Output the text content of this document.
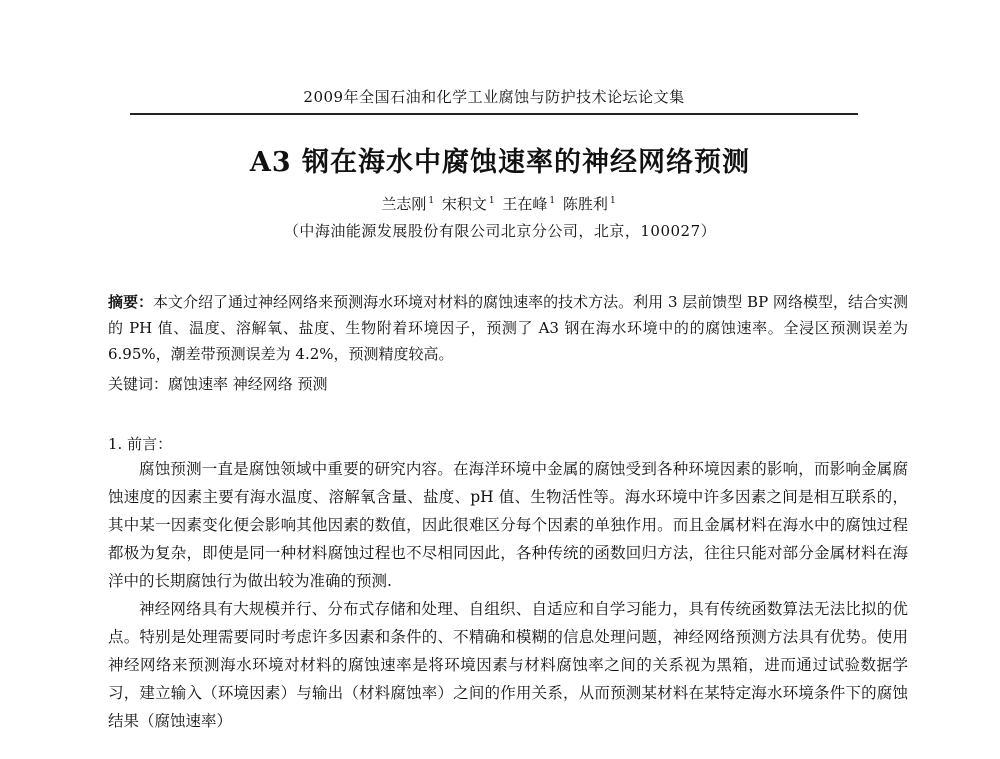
2009年全国石油和化学工业腐蚀与防护技术论坛论文集
A3 钢在海水中腐蚀速率的神经网络预测
兰志刚 $^1$ 宋积文 $^1$ 王在峰 $^1$ 陈胜利 $^1$
（中海油能源发展股份有限公司北京分公司，北京，100027）
摘要：本文介绍了通过神经网络来预测海水环境对材料的腐蚀速率的技术方法。利用 3 层前馈型 BP 网络模型，结合实测的 PH 值、温度、溶解氧、盐度、生物附着环境因子，预测了 A3 钢在海水环境中的的腐蚀速率。全浸区预测误差为 6.95%，潮差带预测误差为 4.2%，预测精度较高。
关键词：腐蚀速率 神经网络 预测
1. 前言：

腐蚀预测一直是腐蚀领域中重要的研究内容。在海洋环境中金属的腐蚀受到各种环境因素的影响，而影响金属腐蚀速度的因素主要有海水温度、溶解氧含量、盐度、pH 值、生物活性等。海水环境中许多因素之间是相互联系的，其中某一因素变化便会影响其他因素的数值，因此很难区分每个因素的单独作用。而且金属材料在海水中的腐蚀过程都极为复杂，即使是同一种材料腐蚀过程也不尽相同因此，各种传统的函数回归方法，往往只能对部分金属材料在海洋中的长期腐蚀行为做出较为准确的预测.

神经网络具有大规模并行、分布式存储和处理、自组织、自适应和自学习能力，具有传统函数算法无法比拟的优点。特别是处理需要同时考虑许多因素和条件的、不精确和模糊的信息处理问题，神经网络预测方法具有优势。使用神经网络来预测海水环境对材料的腐蚀速率是将环境因素与材料腐蚀率之间的关系视为黑箱，进而通过试验数据学习，建立输入（环境因素）与输出（材料腐蚀率）之间的作用关系，从而预测某材料在某特定海水环境条件下的腐蚀结果（腐蚀速率）
